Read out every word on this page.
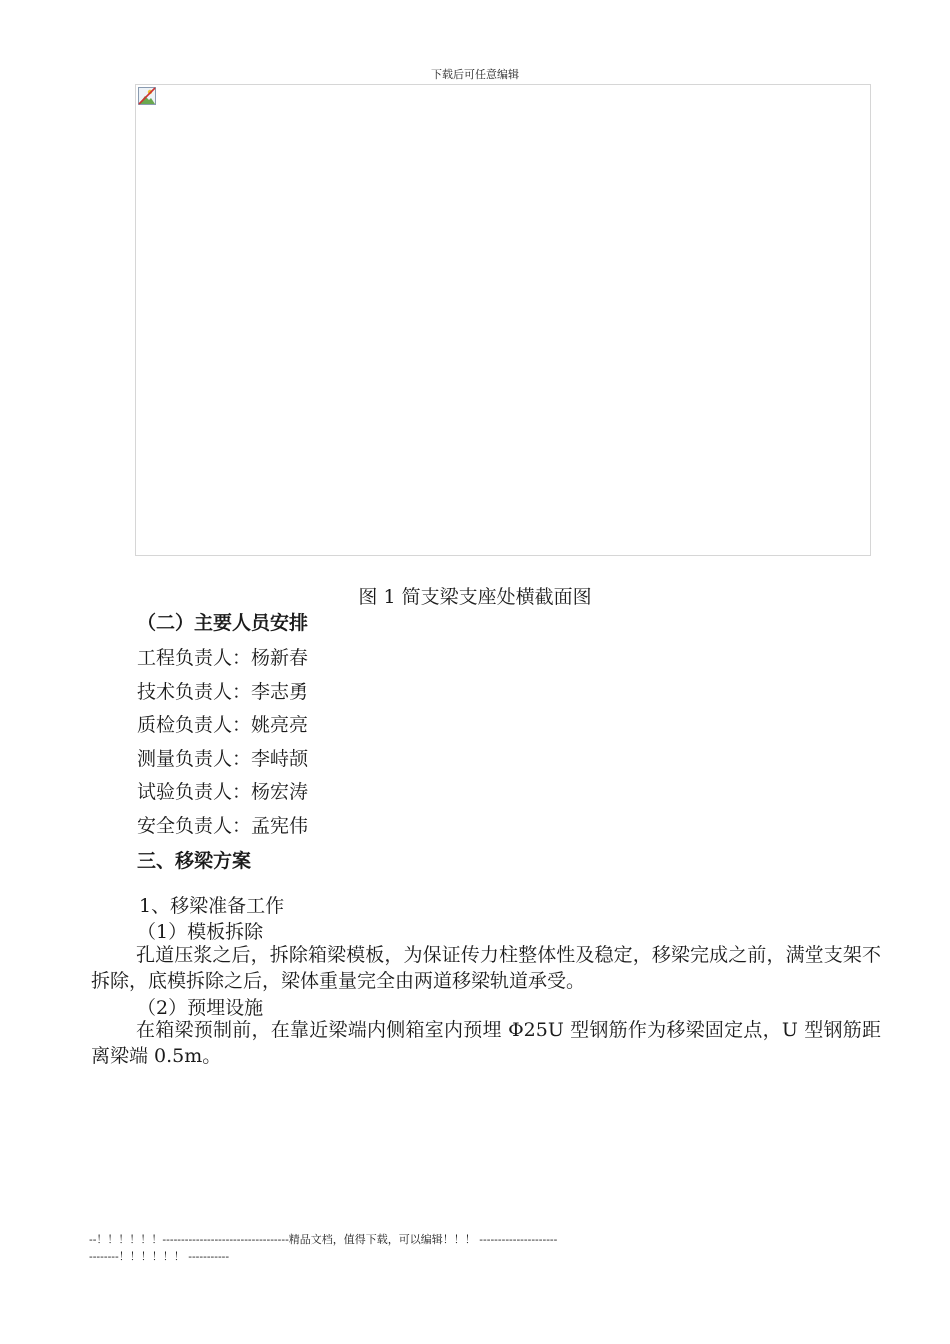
下载后可任意编辑
图 1 简支梁支座处横截面图
（二）主要人员安排
工程负责人：杨新春
技术负责人：李志勇
质检负责人：姚亮亮
测量负责人：李峙颉
试验负责人：杨宏涛
安全负责人：孟宪伟
三、移梁方案
1、移梁准备工作
（1）模板拆除
孔道压浆之后，拆除箱梁模板，为保证传力柱整体性及稳定，移梁完成之前，满堂支架不拆除，底模拆除之后，梁体重量完全由两道移梁轨道承受。
（2）预埋设施
在箱梁预制前，在靠近梁端内侧箱室内预埋 Φ25U 型钢筋作为移梁固定点，U 型钢筋距离梁端 0.5m。
--！！！！！！----------------------------------精品文档，值得下载，可以编辑！！！ -----------------------------！！！！！！ -----------
